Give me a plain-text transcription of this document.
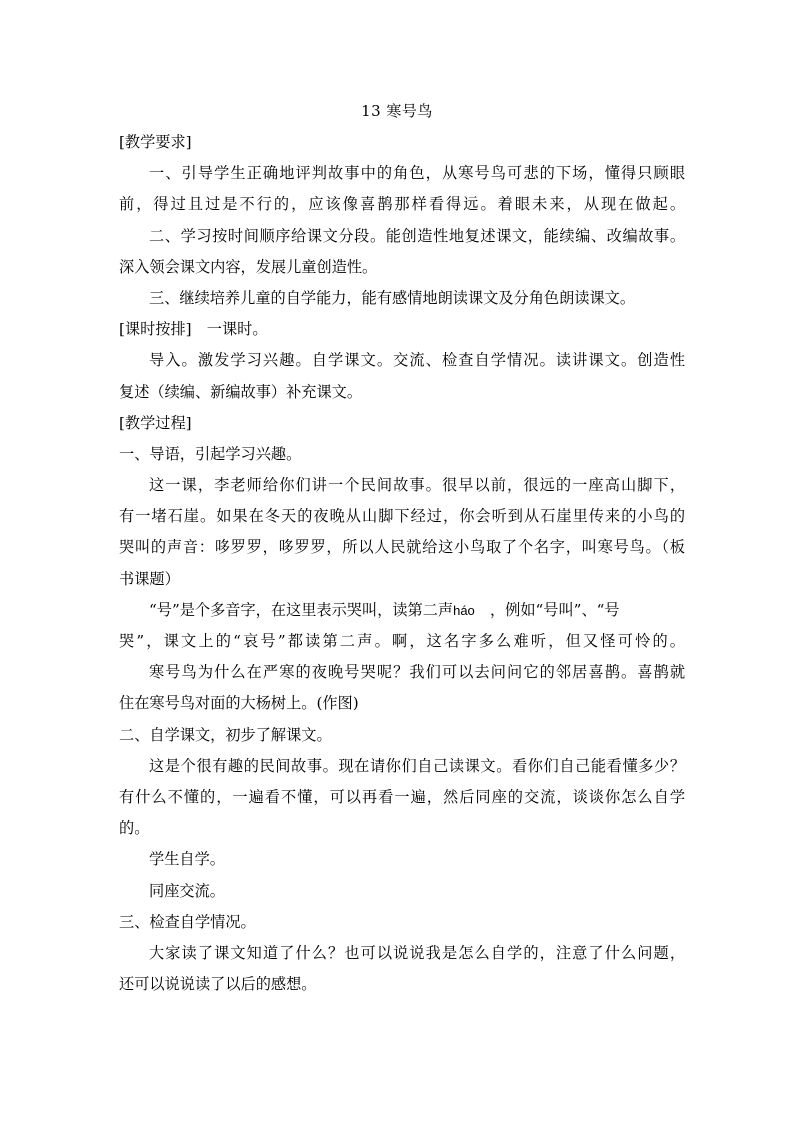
13 寒号鸟
[教学要求]
一、引导学生正确地评判故事中的角色，从寒号鸟可悲的下场，懂得只顾眼
前，得过且过是不行的，应该像喜鹊那样看得远。着眼未来，从现在做起。
二、学习按时间顺序给课文分段。能创造性地复述课文，能续编、改编故事。
深入领会课文内容，发展儿童创造性。
三、继续培养儿童的自学能力，能有感情地朗读课文及分角色朗读课文。
[课时按排]　一课时。
导入。激发学习兴趣。自学课文。交流、检查自学情况。读讲课文。创造性
复述（续编、新编故事）补充课文。
[教学过程]
一、导语，引起学习兴趣。
这一课，李老师给你们讲一个民间故事。很早以前，很远的一座高山脚下，
有一堵石崖。如果在冬天的夜晚从山脚下经过，你会听到从石崖里传来的小鸟的
哭叫的声音：哆罗罗，哆罗罗，所以人民就给这小鸟取了个名字，叫寒号鸟。（板
书课题）
“号”是个多音字，在这里表示哭叫，读第二声háo　 ，例如“号叫”、“号
哭”，课文上的“哀号”都读第二声。啊，这名字多么难听，但又怪可怜的。
寒号鸟为什么在严寒的夜晚号哭呢？我们可以去问问它的邻居喜鹊。喜鹊就
住在寒号鸟对面的大杨树上。(作图)
二、自学课文，初步了解课文。
这是个很有趣的民间故事。现在请你们自己读课文。看你们自己能看懂多少？
有什么不懂的，一遍看不懂，可以再看一遍，然后同座的交流，谈谈你怎么自学
的。
学生自学。
同座交流。
三、检查自学情况。
大家读了课文知道了什么？也可以说说我是怎么自学的，注意了什么问题，
还可以说说读了以后的感想。
